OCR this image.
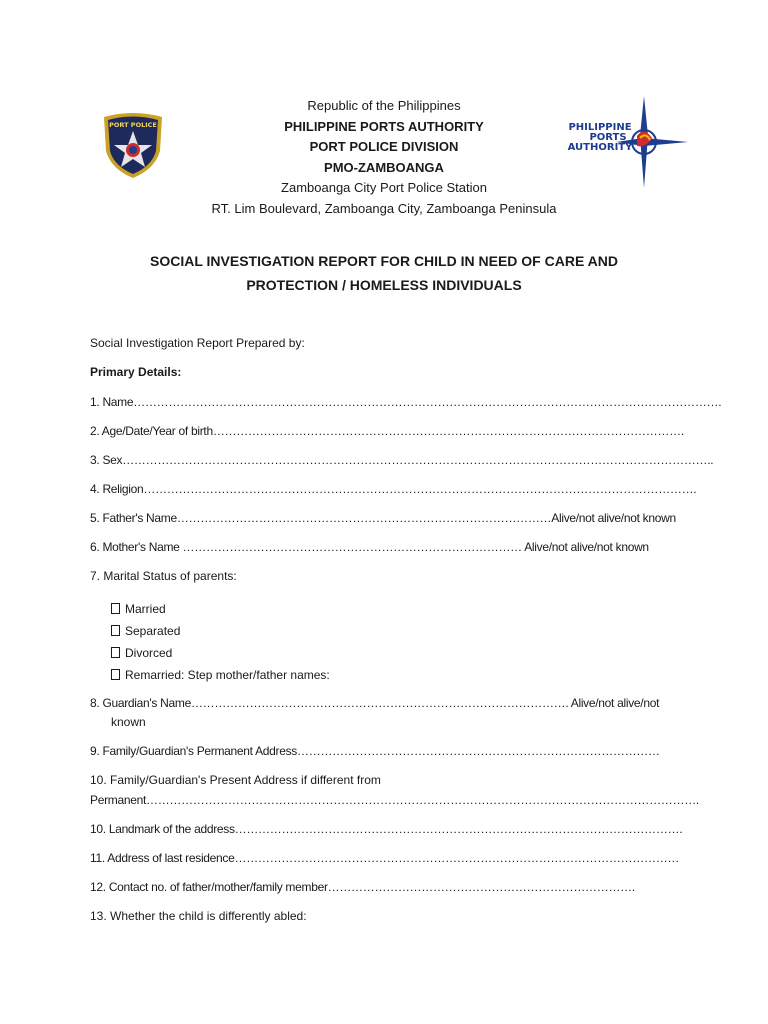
PORT POLICE
Republic of the Philippines
PHILIPPINE PORTS AUTHORITY
PORT POLICE DIVISION
PMO-ZAMBOANGA
Zamboanga City Port Police Station
RT. Lim Boulevard, Zamboanga City, Zamboanga Peninsula
PHILIPPINE
PORTS
AUTHORITY
SOCIAL INVESTIGATION REPORT FOR CHILD IN NEED OF CARE AND
PROTECTION / HOMELESS INDIVIDUALS
Social Investigation Report Prepared by:
Primary Details:
1. Name…………………………………………………………………………………………………………………………………….
2. Age/Date/Year of birth………………………………………………………………………………………………………….
3. Sex……………………………………………………………………………………………………………………………………..
4. Religion…………………………………………………………………………………………………………………………….
5. Father's Name……………………………………………………………………………………Alive/not alive/not known
6. Mother's Name …………………………………………………………………………… Alive/not alive/not known
7. Marital Status of parents:
Married
Separated
Divorced
Remarried: Step mother/father names:
8. Guardian's Name……………………………………………………………………………………. Alive/not alive/not
known
9. Family/Guardian's Permanent Address…………………………………………………………………………………
10. Family/Guardian's Present Address if different from
Permanent…………………………………………………………………………………………………………………………….
10. Landmark of the address…………………………………………………………………………………………………….
11. Address of last residence……………………………………………………………………………………………………
12. Contact no. of father/mother/family member…………………………………………………………………….
13. Whether the child is differently abled:
